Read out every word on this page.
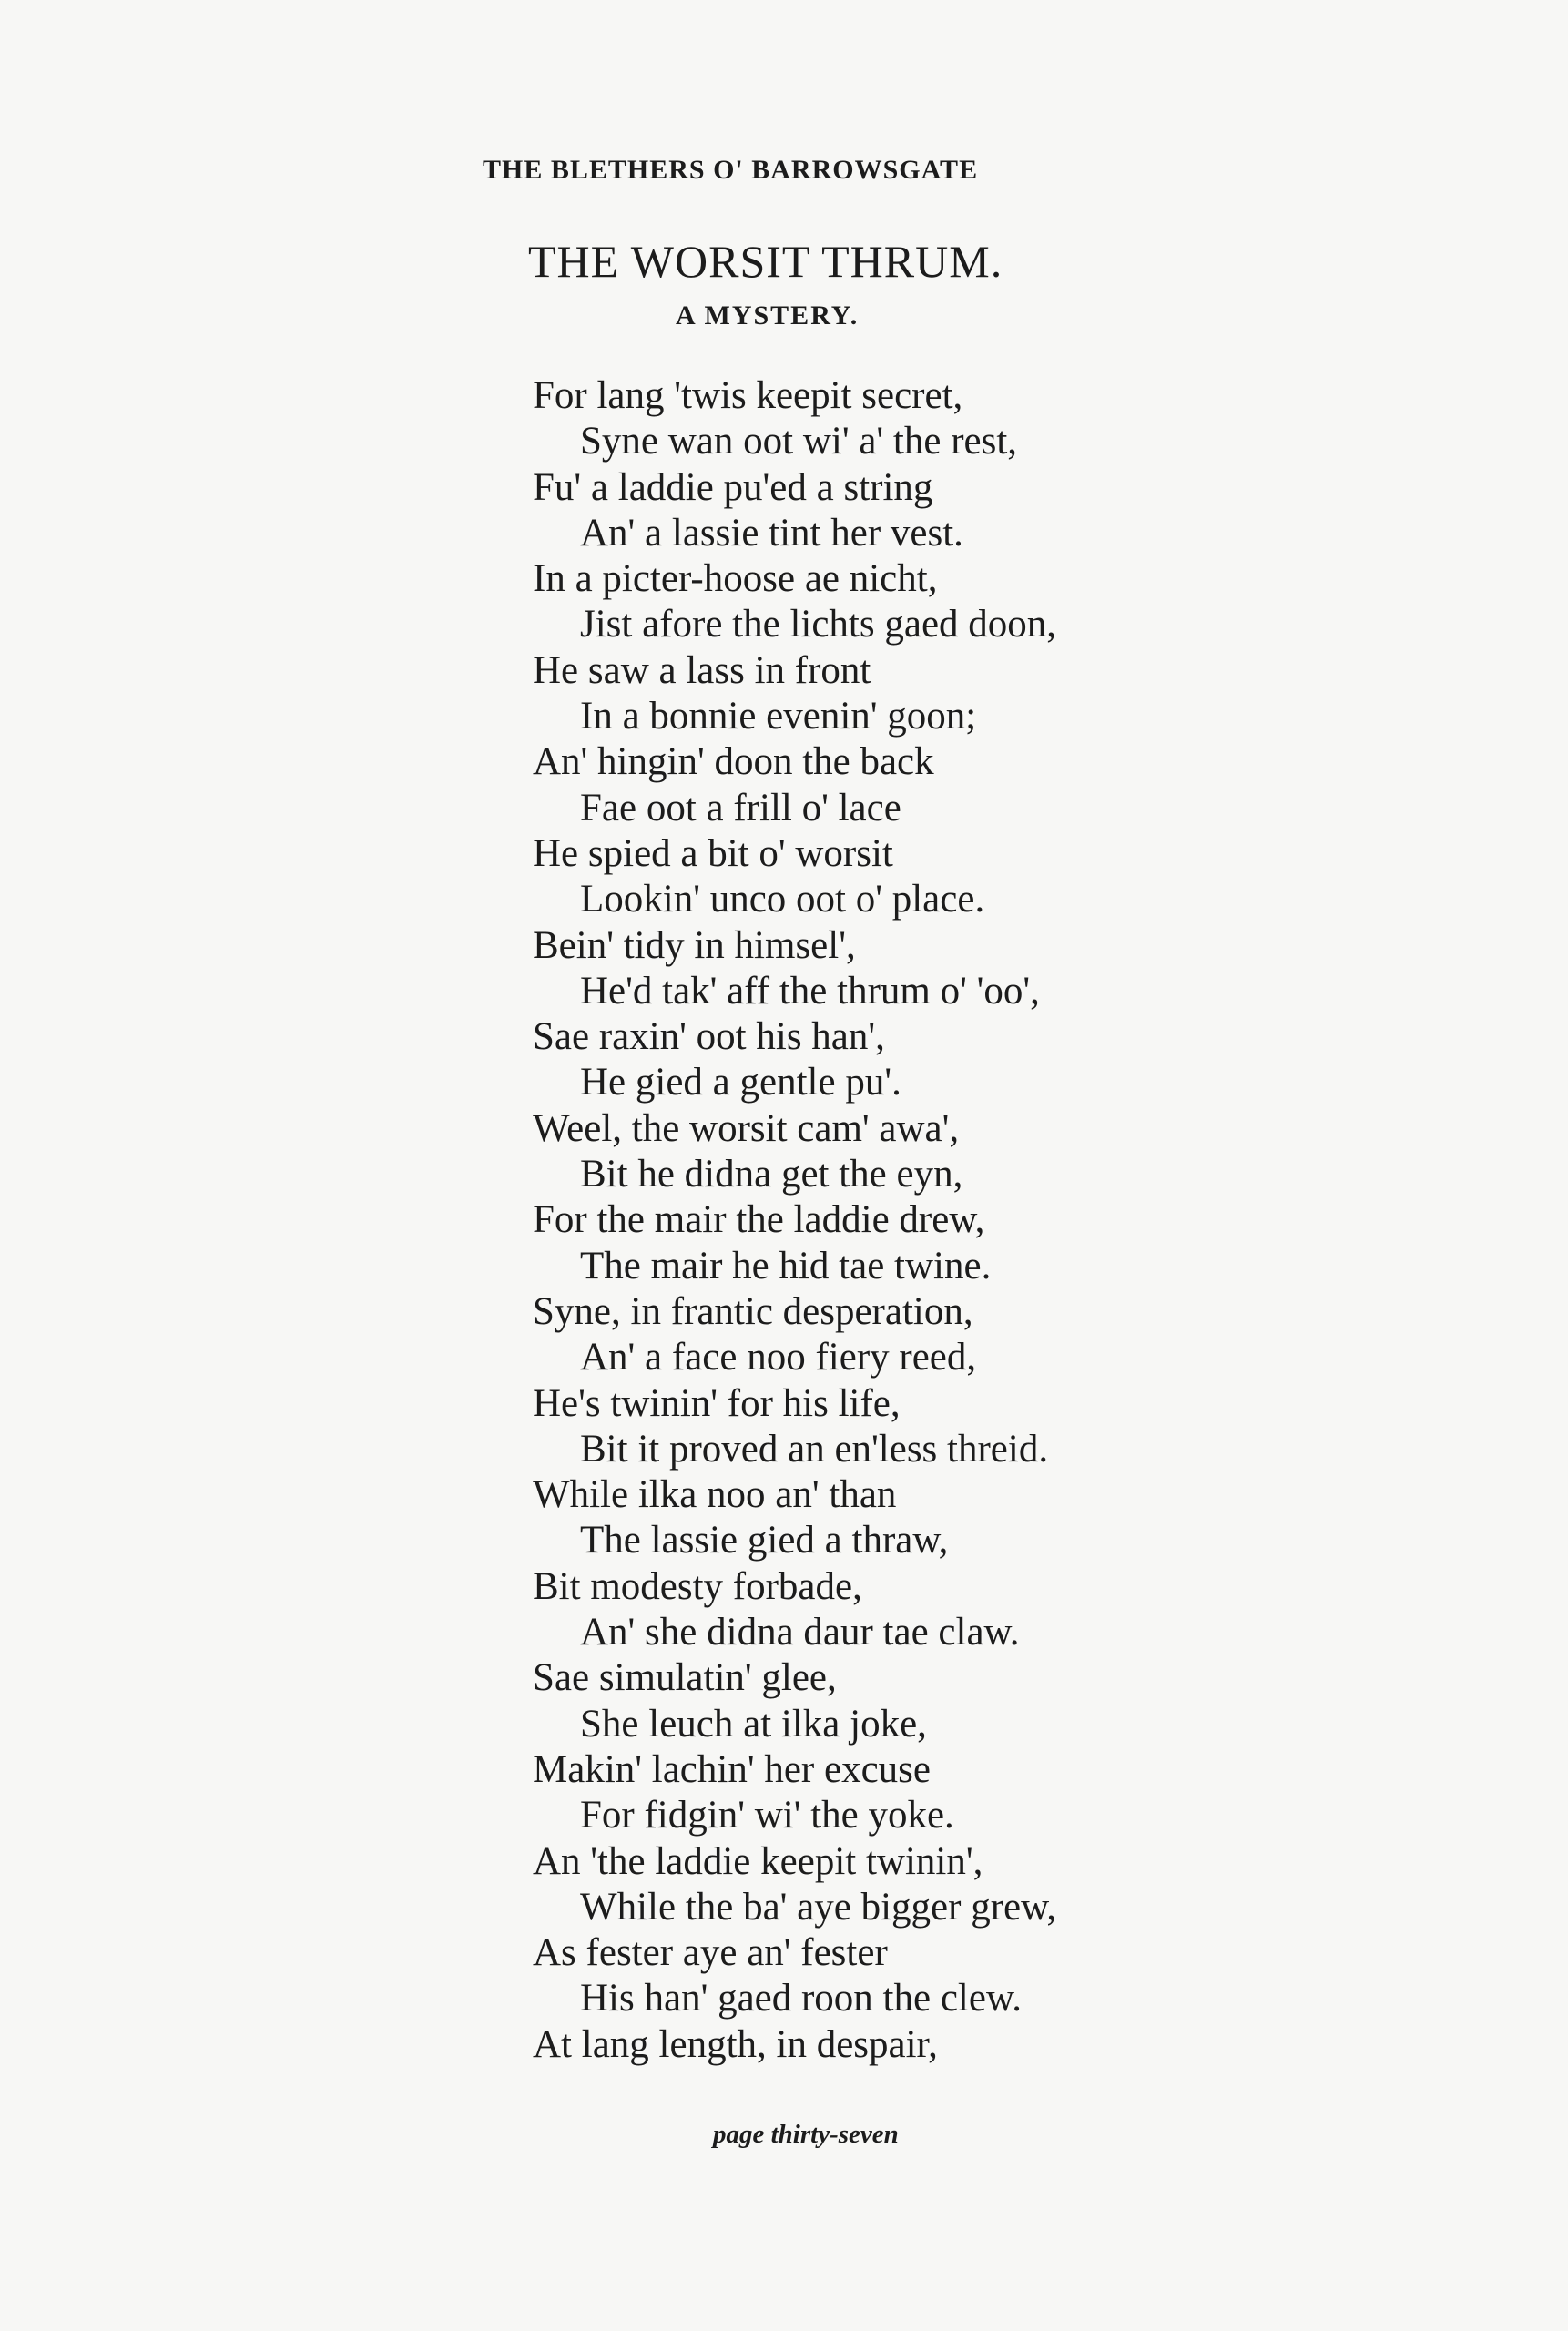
THE BLETHERS O' BARROWSGATE
THE WORSIT THRUM.
A MYSTERY.
For lang 'twis keepit secret,
Syne wan oot wi' a' the rest,
Fu' a laddie pu'ed a string
An' a lassie tint her vest.
In a picter-hoose ae nicht,
Jist afore the lichts gaed doon,
He saw a lass in front
In a bonnie evenin' goon;
An' hingin' doon the back
Fae oot a frill o' lace
He spied a bit o' worsit
Lookin' unco oot o' place.
Bein' tidy in himsel',
He'd tak' aff the thrum o' 'oo',
Sae raxin' oot his han',
He gied a gentle pu'.
Weel, the worsit cam' awa',
Bit he didna get the eyn,
For the mair the laddie drew,
The mair he hid tae twine.
Syne, in frantic desperation,
An' a face noo fiery reed,
He's twinin' for his life,
Bit it proved an en'less threid.
While ilka noo an' than
The lassie gied a thraw,
Bit modesty forbade,
An' she didna daur tae claw.
Sae simulatin' glee,
She leuch at ilka joke,
Makin' lachin' her excuse
For fidgin' wi' the yoke.
An 'the laddie keepit twinin',
While the ba' aye bigger grew,
As fester aye an' fester
His han' gaed roon the clew.
At lang length, in despair,
page thirty-seven
